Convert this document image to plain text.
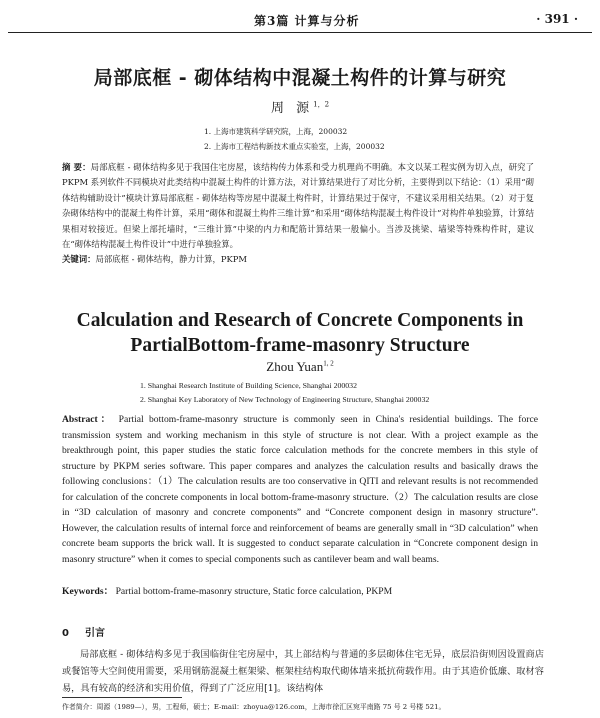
第3篇 计算与分析	· 391 ·
局部底框 - 砌体结构中混凝土构件的计算与研究
周 源$^{1,2}$
1. 上海市建筑科学研究院，上海，200032
2. 上海市工程结构新技术重点实验室，上海，200032
摘 要：局部底框 - 砌体结构多见于我国住宅房屋，该结构传力体系和受力机理尚不明确。本文以某工程实例为切入点，研究了 PKPM 系列软件不同模块对此类结构中混凝土构件的计算方法，对计算结果进行了对比分析，主要得到以下结论：（1）采用“砌体结构辅助设计”模块计算局部底框 - 砌体结构等房屋中混凝土构件时，计算结果过于保守，不建议采用相关结果。（2）对于复杂砌体结构中的混凝土构件计算，采用“砌体和混凝土构件三维计算”和采用“砌体结构混凝土构件设计”对构件单独验算，计算结果相对较接近。但梁上部托墙时，“三维计算”中梁的内力和配筋计算结果一般偏小。当涉及挑梁、墙梁等特殊构件时，建议在“砌体结构混凝土构件设计”中进行单独验算。
关键词：局部底框 - 砌体结构，静力计算，PKPM
Calculation and Research of Concrete Components in
PartialBottom-frame-masonry Structure
Zhou Yuan$^{1, 2}$
1. Shanghai Research Institute of Building Science, Shanghai 200032
2. Shanghai Key Laboratory of New Technology of Engineering Structure, Shanghai 200032
Abstract： Partial bottom-frame-masonry structure is commonly seen in China's residential buildings. The force transmission system and working mechanism in this style of structure is not clear. With a project example as the breakthrough point, this paper studies the static force calculation methods for the concrete members in this style of structure by PKPM series software. This paper compares and analyzes the calculation results and basically draws the following conclusions：（1）The calculation results are too conservative in QITI and relevant results is not recommended for calculation of the concrete components in local bottom-frame-masonry structure.（2）The calculation results are close in “3D calculation of masonry and concrete components” and “Concrete component design in masonry structure”. However, the calculation results of internal force and reinforcement of beams are generally small in “3D calculation” when concrete beam supports the brick wall. It is suggested to conduct separate calculation in “Concrete component design in masonry structure” when it comes to special components such as cantilever beam and wall beams.
Keywords： Partial bottom-frame-masonry structure, Static force calculation, PKPM
0 引言
局部底框 - 砌体结构多见于我国临街住宅房屋中，其上部结构与普通的多层砌体住宅无异，底层沿街则因设置商店或餐馆等大空间使用需要，采用钢筋混凝土框架梁、框架柱结构取代砌体墙来抵抗荷载作用。由于其造价低廉、取材容易，具有较高的经济和实用价值，得到了广泛应用[1]。该结构体
作者简介：周源（1989—），男，工程师，硕士；E-mail：zhoyua@126.com，上海市徐汇区宛平南路 75 号 2 号楼 521。
